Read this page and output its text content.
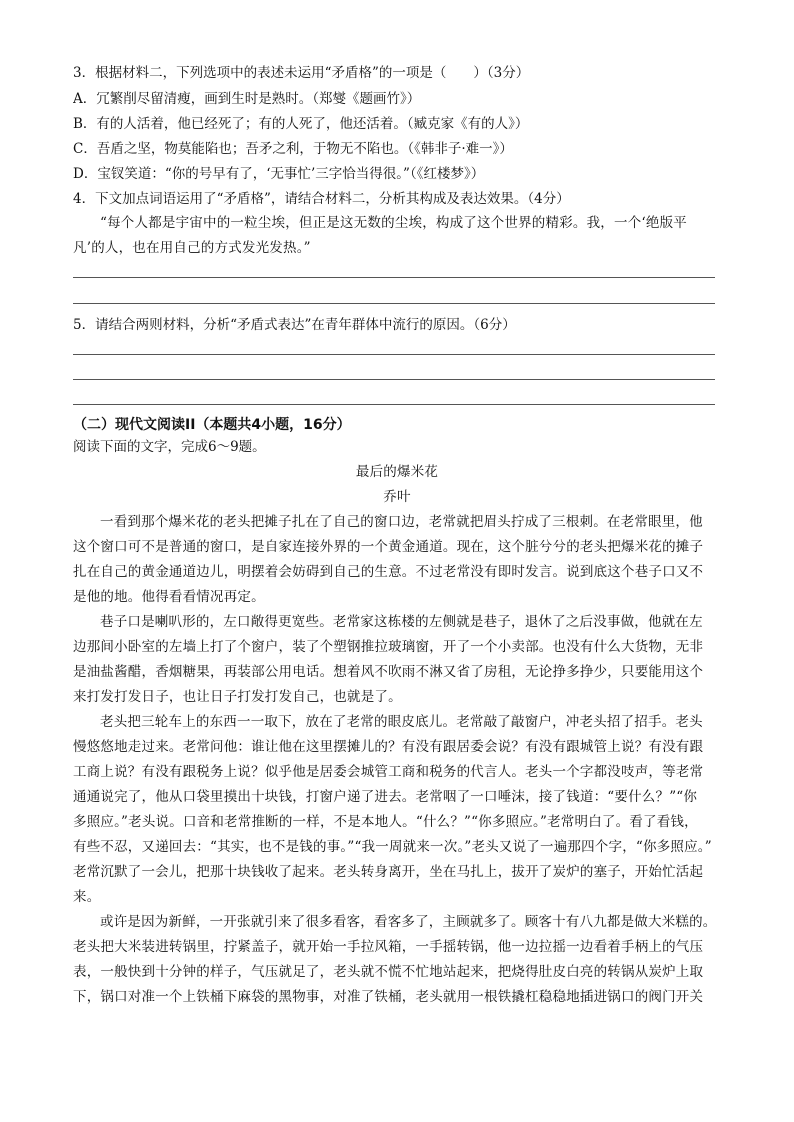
3．根据材料二，下列选项中的表述未运用“矛盾格”的一项是（　　）（3分）
A．冗繁削尽留清瘦，画到生时是熟时。（郑燮《题画竹》）
B．有的人活着，他已经死了；有的人死了，他还活着。（臧克家《有的人》）
C．吾盾之坚，物莫能陷也；吾矛之利，于物无不陷也。（《韩非子·难一》）
D．宝钗笑道：“你的号早有了，‘无事忙’三字恰当得很。”（《红楼梦》）
4．下文加点词语运用了“矛盾格”，请结合材料二，分析其构成及表达效果。（4分）
“每个人都是宇宙中的一粒尘埃，但正是这无数的尘埃，构成了这个世界的精彩。我，一个‘绝版平
凡’的人，也在用自己的方式发光发热。”
5．请结合两则材料，分析“矛盾式表达”在青年群体中流行的原因。（6分）
（二）现代文阅读II（本题共4小题，16分）
阅读下面的文字，完成6～9题。
最后的爆米花
乔叶
一看到那个爆米花的老头把摊子扎在了自己的窗口边，老常就把眉头拧成了三根刺。在老常眼里，他
这个窗口可不是普通的窗口，是自家连接外界的一个黄金通道。现在，这个脏兮兮的老头把爆米花的摊子
扎在自己的黄金通道边儿，明摆着会妨碍到自己的生意。不过老常没有即时发言。说到底这个巷子口又不
是他的地。他得看看情况再定。
巷子口是喇叭形的，左口敞得更宽些。老常家这栋楼的左侧就是巷子，退休了之后没事做，他就在左
边那间小卧室的左墙上打了个窗户，装了个塑钢推拉玻璃窗，开了一个小卖部。也没有什么大货物，无非
是油盐酱醋，香烟糖果，再装部公用电话。想着风不吹雨不淋又省了房租，无论挣多挣少，只要能用这个
来打发打发日子，也让日子打发打发自己，也就是了。
老头把三轮车上的东西一一取下，放在了老常的眼皮底儿。老常敲了敲窗户，冲老头招了招手。老头
慢悠悠地走过来。老常问他：谁让他在这里摆摊儿的？有没有跟居委会说？有没有跟城管上说？有没有跟
工商上说？有没有跟税务上说？似乎他是居委会城管工商和税务的代言人。老头一个字都没吱声，等老常
通通说完了，他从口袋里摸出十块钱，打窗户递了进去。老常咽了一口唾沫，接了钱道：“要什么？”“你
多照应。”老头说。口音和老常推断的一样，不是本地人。“什么？”“你多照应。”老常明白了。看了看钱，
有些不忍，又递回去：“其实，也不是钱的事。”“我一周就来一次。”老头又说了一遍那四个字，“你多照应。”
老常沉默了一会儿，把那十块钱收了起来。老头转身离开，坐在马扎上，拔开了炭炉的塞子，开始忙活起
来。
或许是因为新鲜，一开张就引来了很多看客，看客多了，主顾就多了。顾客十有八九都是做大米糕的。
老头把大米装进转锅里，拧紧盖子，就开始一手拉风箱，一手摇转锅，他一边拉摇一边看着手柄上的气压
表，一般快到十分钟的样子，气压就足了，老头就不慌不忙地站起来，把烧得肚皮白亮的转锅从炭炉上取
下，锅口对准一个上铁桶下麻袋的黑物事，对准了铁桶，老头就用一根铁撬杠稳稳地插进锅口的阀门开关
